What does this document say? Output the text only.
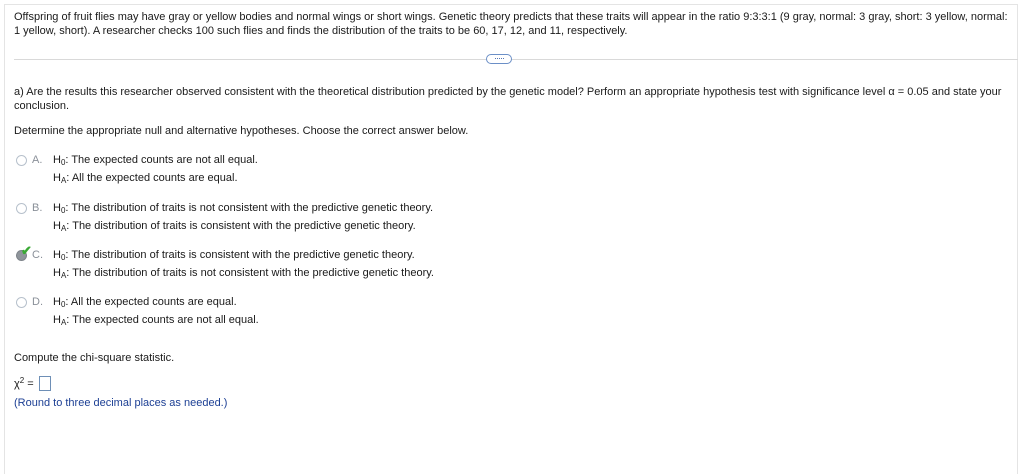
Offspring of fruit flies may have gray or yellow bodies and normal wings or short wings. Genetic theory predicts that these traits will appear in the ratio 9:3:3:1 (9 gray, normal: 3 gray, short: 3 yellow, normal: 1 yellow, short). A researcher checks 100 such flies and finds the distribution of the traits to be 60, 17, 12, and 11, respectively.
·····
a) Are the results this researcher observed consistent with the theoretical distribution predicted by the genetic model? Perform an appropriate hypothesis test with significance level α = 0.05 and state your conclusion.
Determine the appropriate null and alternative hypotheses. Choose the correct answer below.
A. $H_0$: The expected counts are not all equal.
$H_A$: All the expected counts are equal.
B. $H_0$: The distribution of traits is not consistent with the predictive genetic theory.
$H_A$: The distribution of traits is consistent with the predictive genetic theory.
✔ C. $H_0$: The distribution of traits is consistent with the predictive genetic theory.
$H_A$: The distribution of traits is not consistent with the predictive genetic theory.
D. $H_0$: All the expected counts are equal.
$H_A$: The expected counts are not all equal.
Compute the chi-square statistic.
$\chi^2$ =
(Round to three decimal places as needed.)
